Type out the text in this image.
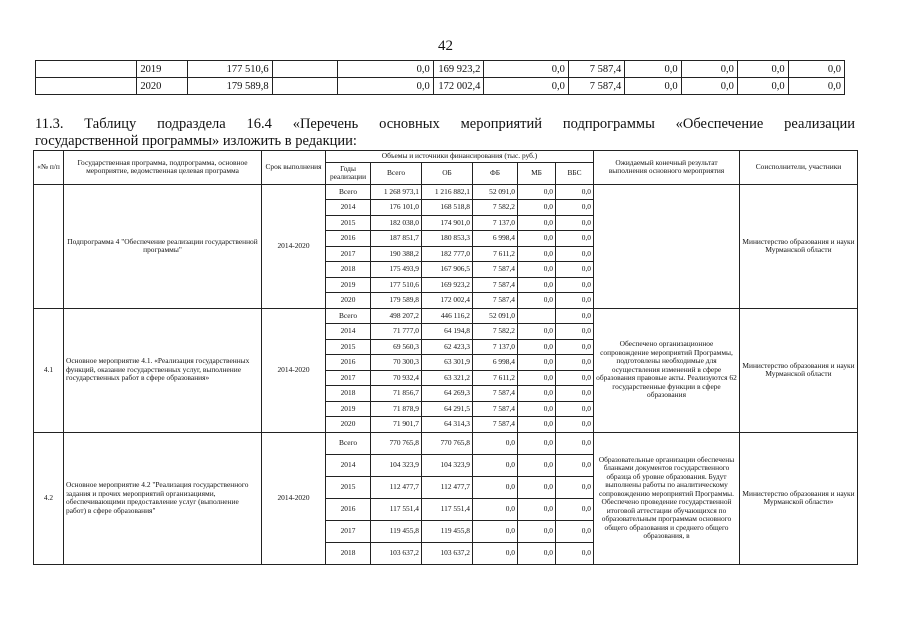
42
	2019	177 510,6		0,0	169 923,2	0,0	7 587,4	0,0	0,0	0,0	0,0
	2020	179 589,8		0,0	172 002,4	0,0	7 587,4	0,0	0,0	0,0	0,0
11.3. Таблицу подраздела 16.4 «Перечень основных мероприятий подпрограммы «Обеспечение реализации
государственной программы» изложить в редакции:
«№ п/п	Государственная программа, подпрограмма, основное мероприятие, ведомственная целевая программа	Срок выполнения	Объемы и источники финансирования (тыс. руб.)						Ожидаемый конечный результат выполнения основного мероприятия	Соисполнители, участники
			Годы реализации	Всего	ОБ	ФБ	МБ	ВБС		
	Подпрограмма 4 "Обеспечение реализации государственной программы"	2014-2020	Всего	1 268 973,1	1 216 882,1	52 091,0	0,0	0,0		Министерство образования и науки Мурманской области
			2014	176 101,0	168 518,8	7 582,2	0,0	0,0		
			2015	182 038,0	174 901,0	7 137,0	0,0	0,0		
			2016	187 851,7	180 853,3	6 998,4	0,0	0,0		
			2017	190 388,2	182 777,0	7 611,2	0,0	0,0		
			2018	175 493,9	167 906,5	7 587,4	0,0	0,0		
			2019	177 510,6	169 923,2	7 587,4	0,0	0,0		
			2020	179 589,8	172 002,4	7 587,4	0,0	0,0		
4.1	Основное мероприятие 4.1. «Реализация государственных функций, оказание государственных услуг, выполнение государственных работ в сфере образования»	2014-2020	Всего	498 207,2	446 116,2	52 091,0		0,0	Обеспечено организационное сопровождение мероприятий Программы, подготовлены необходимые для осуществления изменений в сфере образования правовые акты. Реализуются 62 государственные функции в сфере образования	Министерство образования и науки Мурманской области
			2014	71 777,0	64 194,8	7 582,2	0,0	0,0		
			2015	69 560,3	62 423,3	7 137,0	0,0	0,0		
			2016	70 300,3	63 301,9	6 998,4	0,0	0,0		
			2017	70 932,4	63 321,2	7 611,2	0,0	0,0		
			2018	71 856,7	64 269,3	7 587,4	0,0	0,0		
			2019	71 878,9	64 291,5	7 587,4	0,0	0,0		
			2020	71 901,7	64 314,3	7 587,4	0,0	0,0		
4.2	Основное мероприятие 4.2 "Реализация государственного задания и прочих мероприятий организациями, обеспечивающими предоставление услуг (выполнение работ) в сфере образования"	2014-2020	Всего	770 765,8	770 765,8	0,0	0,0	0,0	Образовательные организации обеспечены бланками документов государственного образца об уровне образования. Будут выполнены работы по аналитическому сопровождению мероприятий Программы. Обеспечено проведение государственной итоговой аттестации обучающихся по образовательным программам основного общего образования и среднего общего образования, в	Министерство образования и науки Мурманской области»
			2014	104 323,9	104 323,9	0,0	0,0	0,0		
			2015	112 477,7	112 477,7	0,0	0,0	0,0		
			2016	117 551,4	117 551,4	0,0	0,0	0,0		
			2017	119 455,8	119 455,8	0,0	0,0	0,0		
			2018	103 637,2	103 637,2	0,0	0,0	0,0		
